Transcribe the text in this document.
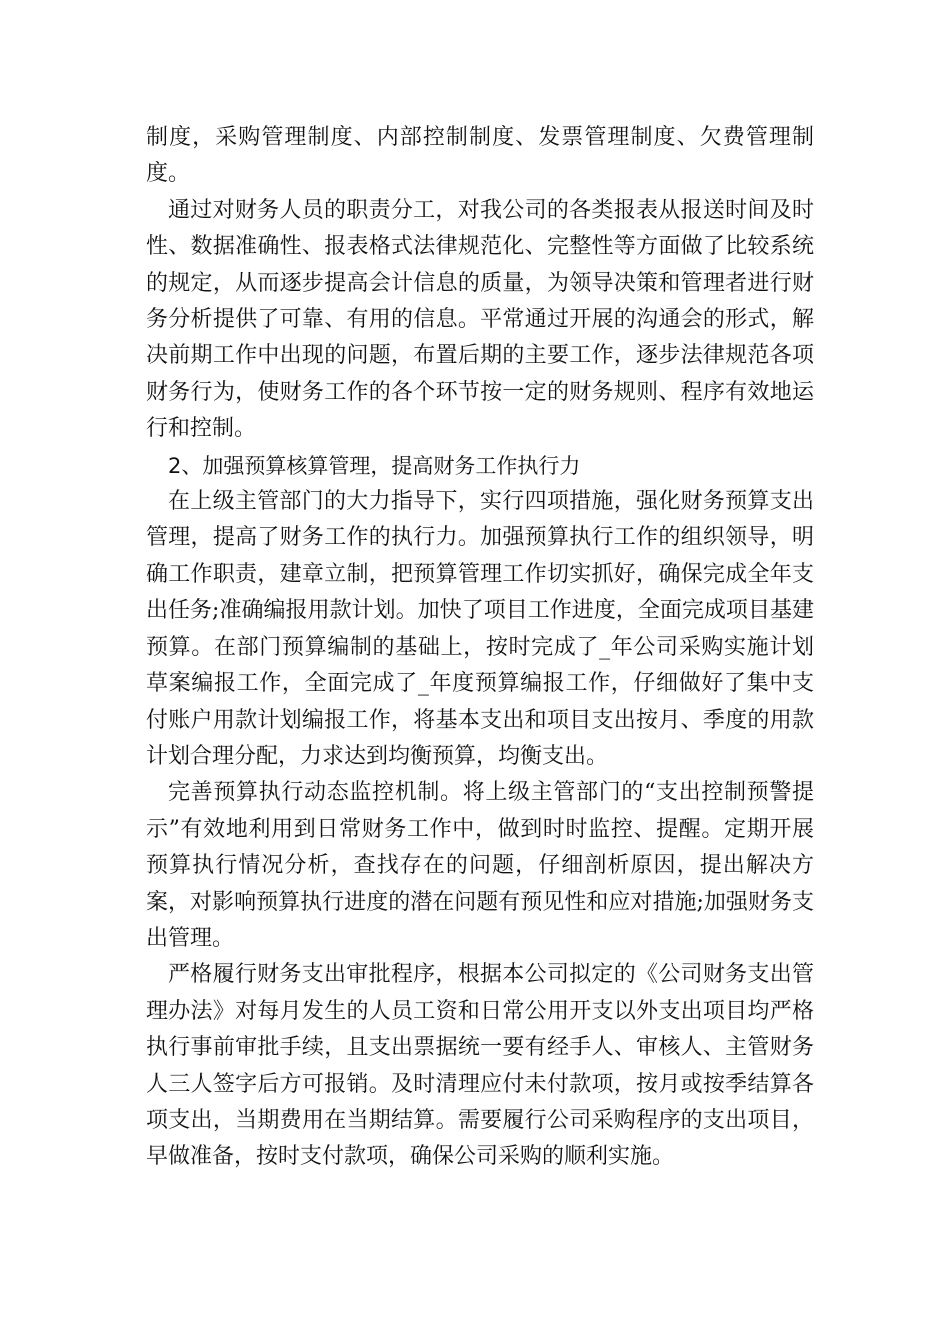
制度，采购管理制度、内部控制制度、发票管理制度、欠费管理制度。

通过对财务人员的职责分工，对我公司的各类报表从报送时间及时性、数据准确性、报表格式法律规范化、完整性等方面做了比较系统的规定，从而逐步提高会计信息的质量，为领导决策和管理者进行财务分析提供了可靠、有用的信息。平常通过开展的沟通会的形式，解决前期工作中出现的问题，布置后期的主要工作，逐步法律规范各项财务行为，使财务工作的各个环节按一定的财务规则、程序有效地运行和控制。

2、加强预算核算管理，提高财务工作执行力

在上级主管部门的大力指导下，实行四项措施，强化财务预算支出管理，提高了财务工作的执行力。加强预算执行工作的组织领导，明确工作职责，建章立制，把预算管理工作切实抓好，确保完成全年支出任务;准确编报用款计划。加快了项目工作进度，全面完成项目基建预算。在部门预算编制的基础上，按时完成了_年公司采购实施计划草案编报工作，全面完成了_年度预算编报工作，仔细做好了集中支付账户用款计划编报工作，将基本支出和项目支出按月、季度的用款计划合理分配，力求达到均衡预算，均衡支出。

完善预算执行动态监控机制。将上级主管部门的“支出控制预警提示”有效地利用到日常财务工作中，做到时时监控、提醒。定期开展预算执行情况分析，查找存在的问题，仔细剖析原因，提出解决方案，对影响预算执行进度的潜在问题有预见性和应对措施;加强财务支出管理。

严格履行财务支出审批程序，根据本公司拟定的《公司财务支出管理办法》对每月发生的人员工资和日常公用开支以外支出项目均严格执行事前审批手续，且支出票据统一要有经手人、审核人、主管财务人三人签字后方可报销。及时清理应付未付款项，按月或按季结算各项支出，当期费用在当期结算。需要履行公司采购程序的支出项目，早做准备，按时支付款项，确保公司采购的顺利实施。
